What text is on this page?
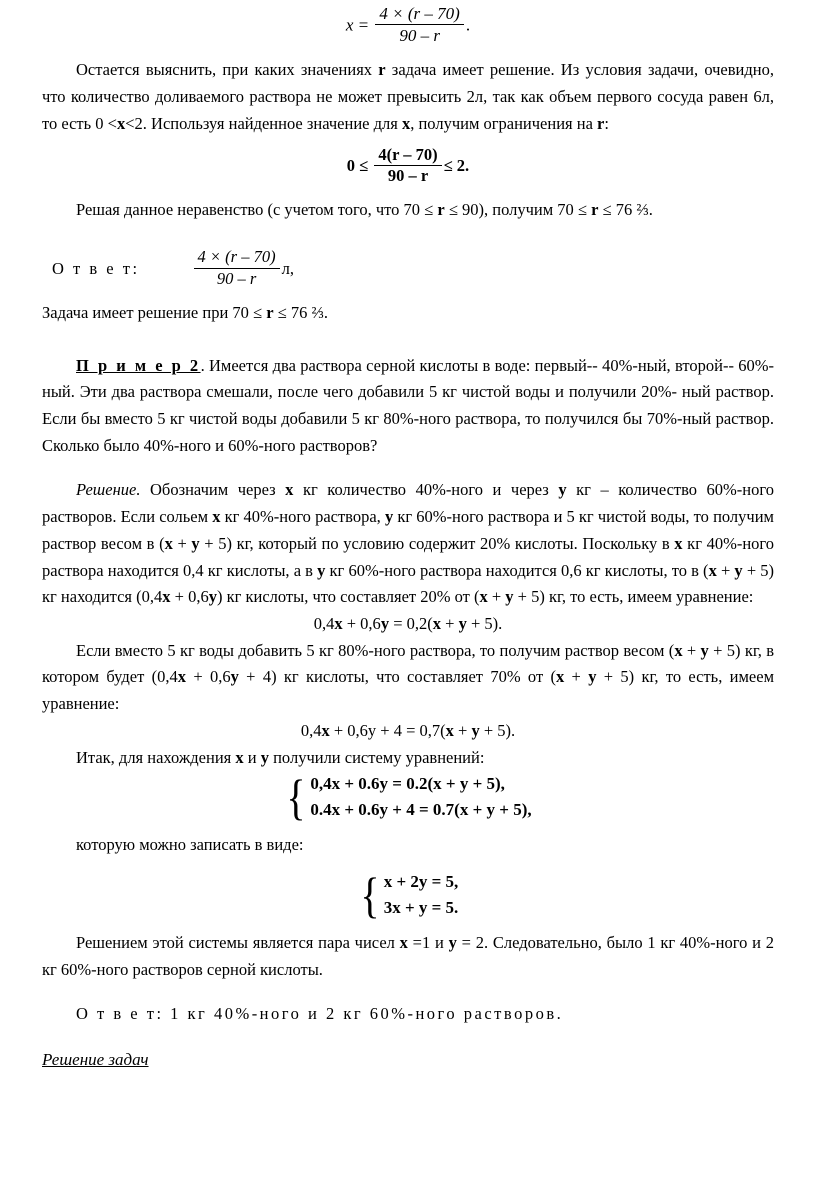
$x = \frac{4 \times (r - 70)}{90 - r}$ .

Остается выяснить, при каких значениях r задача имеет решение. Из условия задачи, очевидно, что количество доливаемого раствора не может превысить 2л, так как объем первого сосуда равен 6л, то есть 0 <x<2. Используя найденное значение для x, получим ограничения на r:

$0 \le \frac{4(r - 70)}{90 - r} \le 2$.

Решая данное неравенство (с учетом того, что 70 ≤ r ≤ 90), получим 70 ≤ r ≤ 76 ⅔.

О т в е т:	$\frac{4 \times (r - 70)}{90 - r} л$,

Задача имеет решение при 70 ≤ r ≤ 76 ⅔.

П р и м е р 2. Имеется два раствора серной кислоты в воде: первый-- 40%-ный, второй-- 60%-ный. Эти два раствора смешали, после чего добавили 5 кг чистой воды и получили 20%- ный раствор. Если бы вместо 5 кг чистой воды добавили 5 кг 80%-ного раствора, то получился бы 70%-ный раствор. Сколько было 40%-ного и 60%-ного растворов?

Решение. Обозначим через x кг количество 40%-ного и через y кг – количество 60%-ного растворов. Если сольем x кг 40%-ного раствора, y кг 60%-ного раствора и 5 кг чистой воды, то получим раствор весом в (x + y + 5) кг, который по условию содержит 20% кислоты. Поскольку в x кг 40%-ного раствора находится 0,4 кг кислоты, а в y кг 60%-ного раствора находится 0,6 кг кислоты, то в (x + y + 5) кг находится (0,4x + 0,6y) кг кислоты, что составляет 20% от (x + y + 5) кг, то есть, имеем уравнение:

0,4x + 0,6y = 0,2(x + y + 5).

Если вместо 5 кг воды добавить 5 кг 80%-ного раствора, то получим раствор весом (x + y + 5) кг, в котором будет (0,4x + 0,6y + 4) кг кислоты, что составляет 70% от (x + y + 5) кг, то есть, имеем уравнение:

0,4x + 0,6y + 4 = 0,7(x + y + 5).

Итак, для нахождения x и y получили систему уравнений:

{ 0,4x + 0.6y = 0.2(x + y + 5),
0.4x + 0.6y + 4 = 0.7(x + y + 5),

которую можно записать в виде:

{ x + 2y = 5,
3x + y = 5.

Решением этой системы является пара чисел x =1 и y = 2. Следовательно, было 1 кг 40%-ного и 2 кг 60%-ного растворов серной кислоты.

О т в е т: 1 кг 40%-ного и 2 кг 60%-ного растворов.

Решение задач
